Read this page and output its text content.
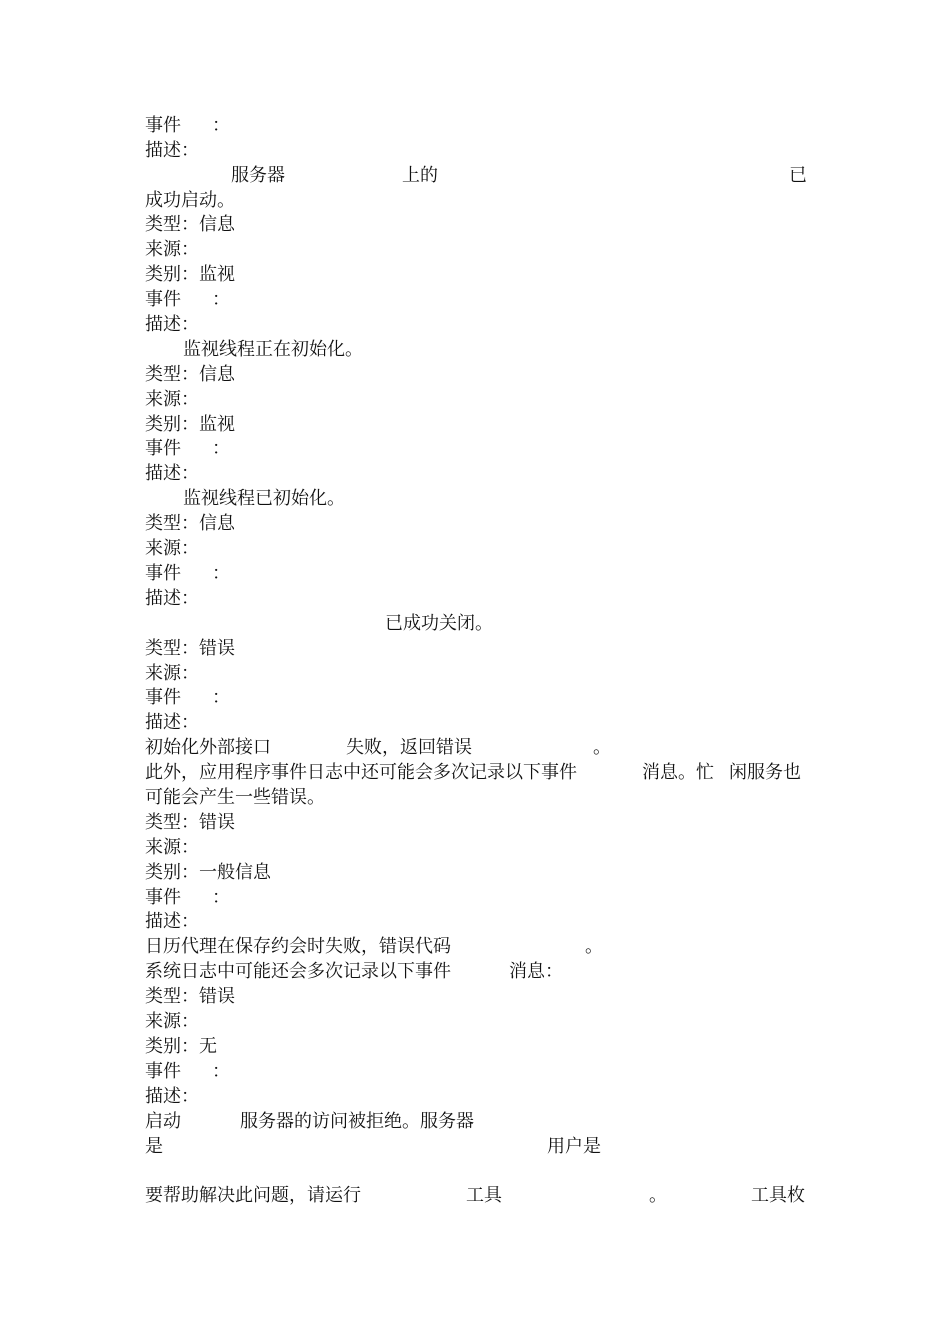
事件 ：
描述：
服务器	上的	已
成功启动。
类型：信息
来源：
类别：监视
事件 ：
描述：
监视线程正在初始化。
类型：信息
来源：
类别：监视
事件 ：
描述：
监视线程已初始化。
类型：信息
来源：
事件 ：
描述：
已成功关闭。
类型：错误
来源：
事件 ：
描述：
初始化外部接口	失败，返回错误	。
此外，应用程序事件日志中还可能会多次记录以下事件	消息。忙 闲服务也
可能会产生一些错误。
类型：错误
来源：
类别：一般信息
事件 ：
描述：
日历代理在保存约会时失败，错误代码	。
系统日志中可能还会多次记录以下事件	消息：
类型：错误
来源：
类别：无
事件 ：
描述：
启动	服务器的访问被拒绝。服务器
是	用户是
要帮助解决此问题，请运行	工具	。	工具枚
